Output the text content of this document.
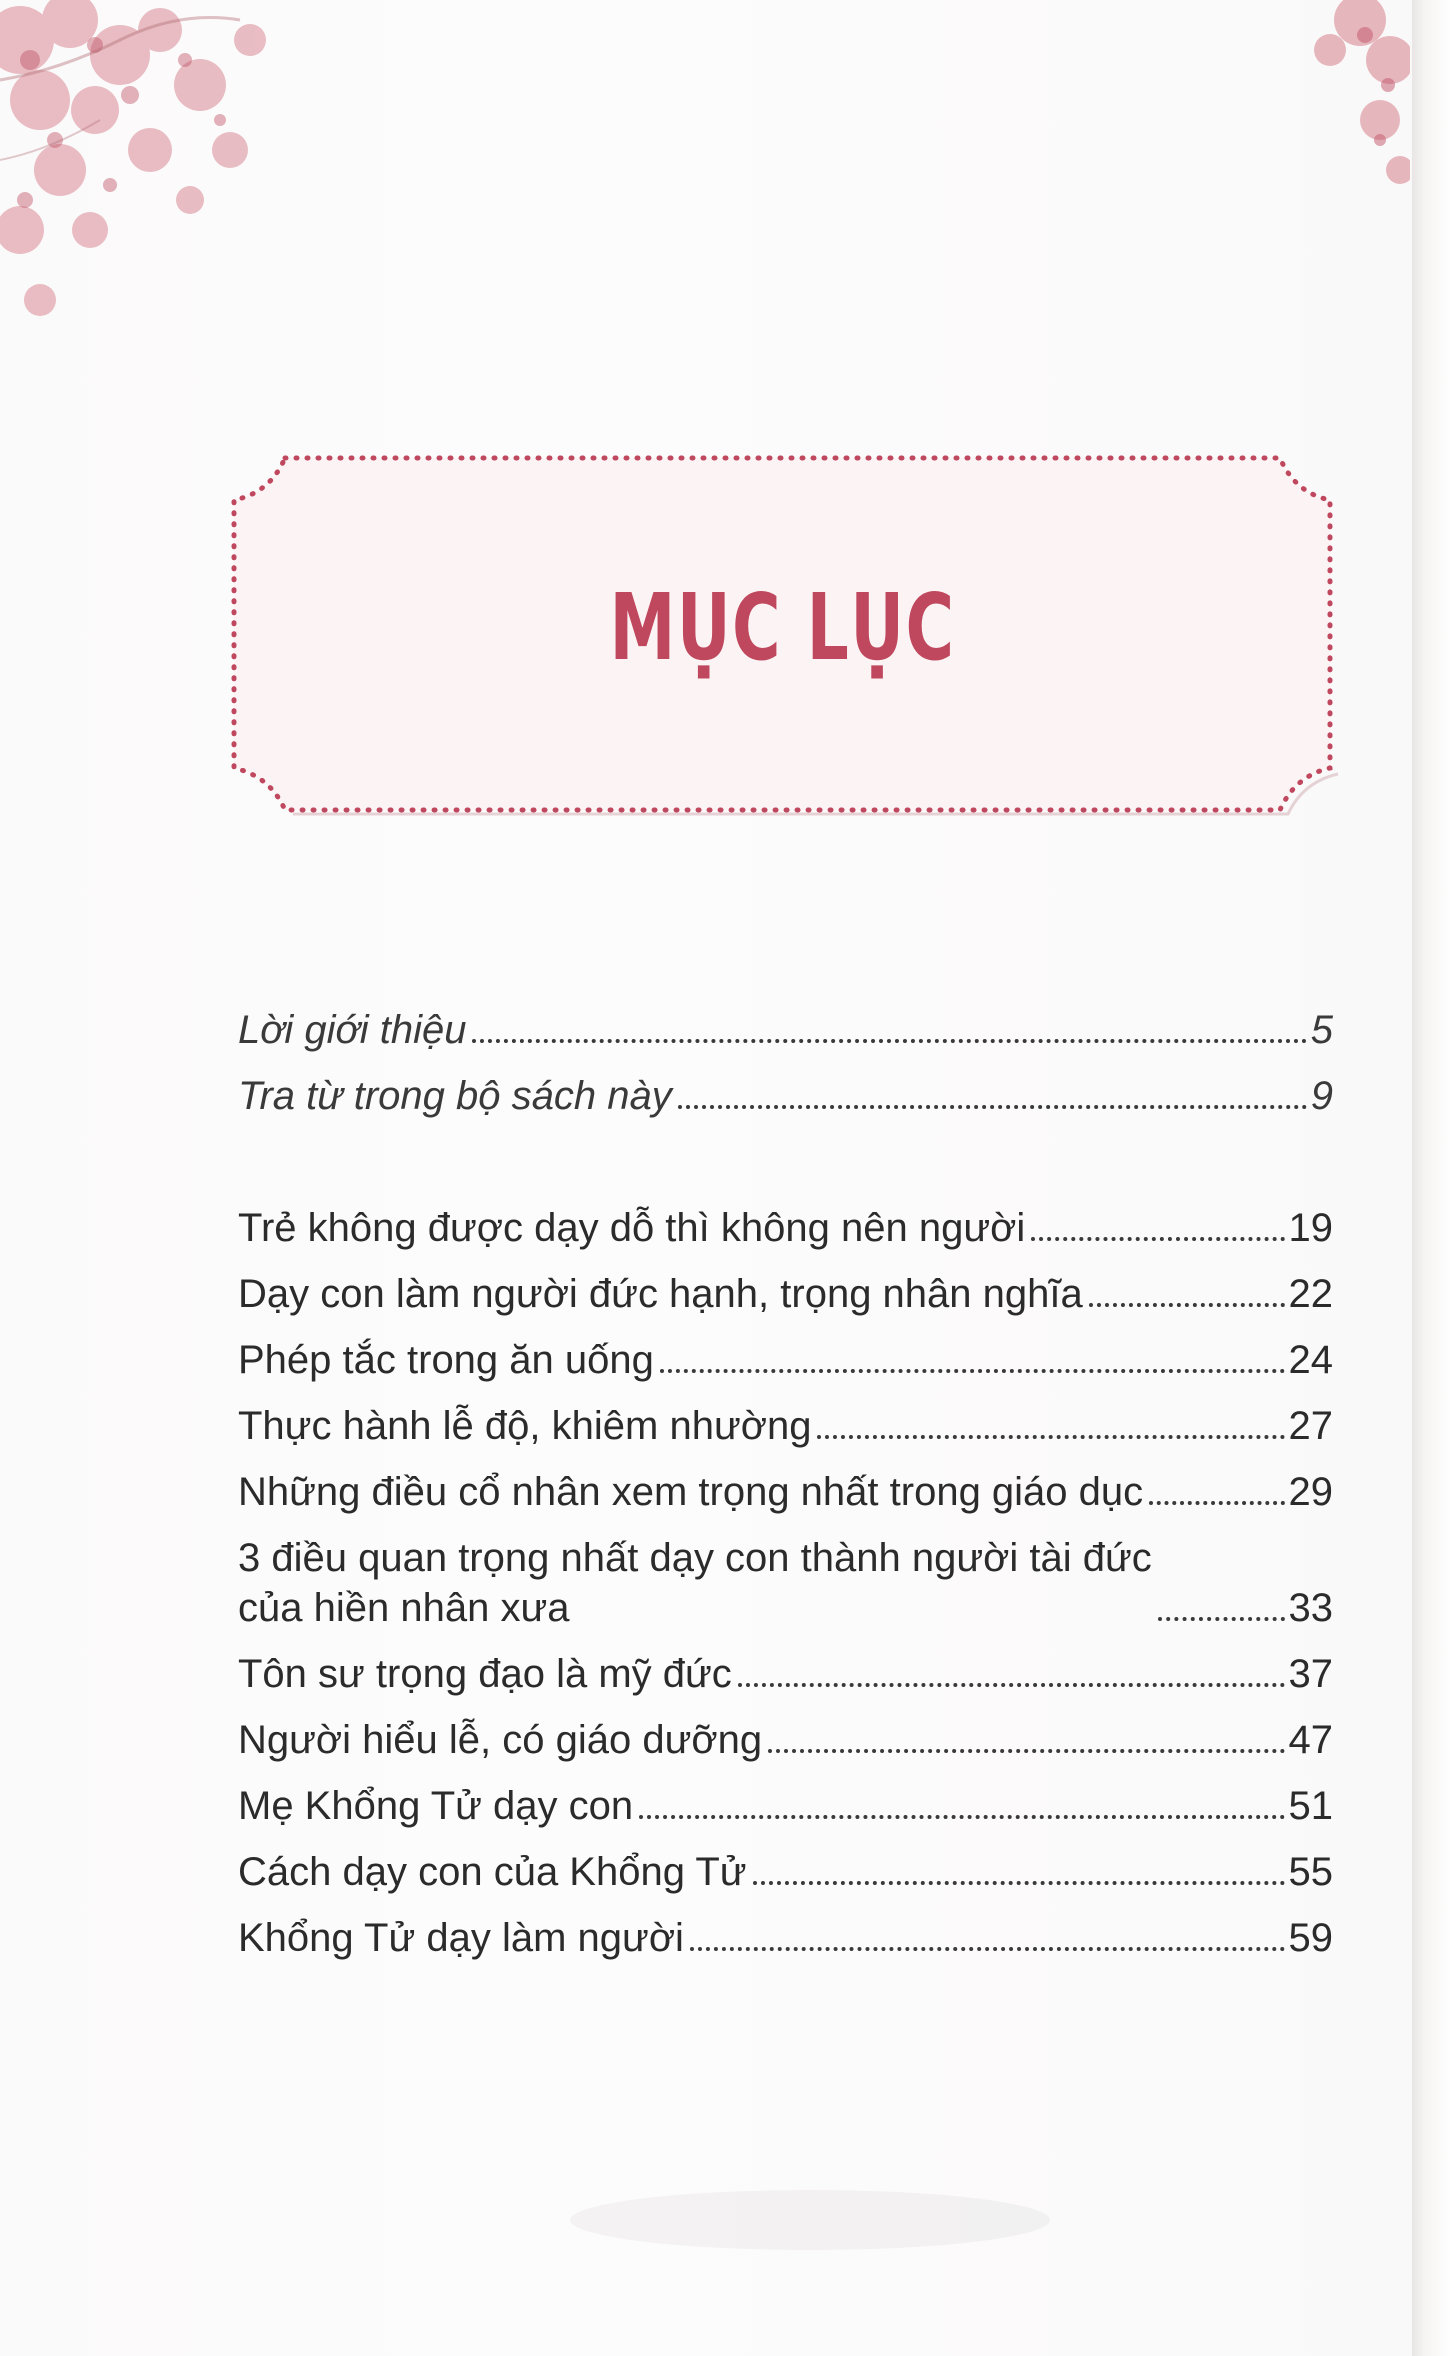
MỤC LỤC
Lời giới thiệu	5
Tra từ trong bộ sách này	9
Trẻ không được dạy dỗ thì không nên người	19
Dạy con làm người đức hạnh, trọng nhân nghĩa	22
Phép tắc trong ăn uống	24
Thực hành lễ độ, khiêm nhường	27
Những điều cổ nhân xem trọng nhất trong giáo dục	29
3 điều quan trọng nhất dạy con thành người tài đức
của hiền nhân xưa	33
Tôn sư trọng đạo là mỹ đức	37
Người hiểu lễ, có giáo dưỡng	47
Mẹ Khổng Tử dạy con	51
Cách dạy con của Khổng Tử	55
Khổng Tử dạy làm người	59
